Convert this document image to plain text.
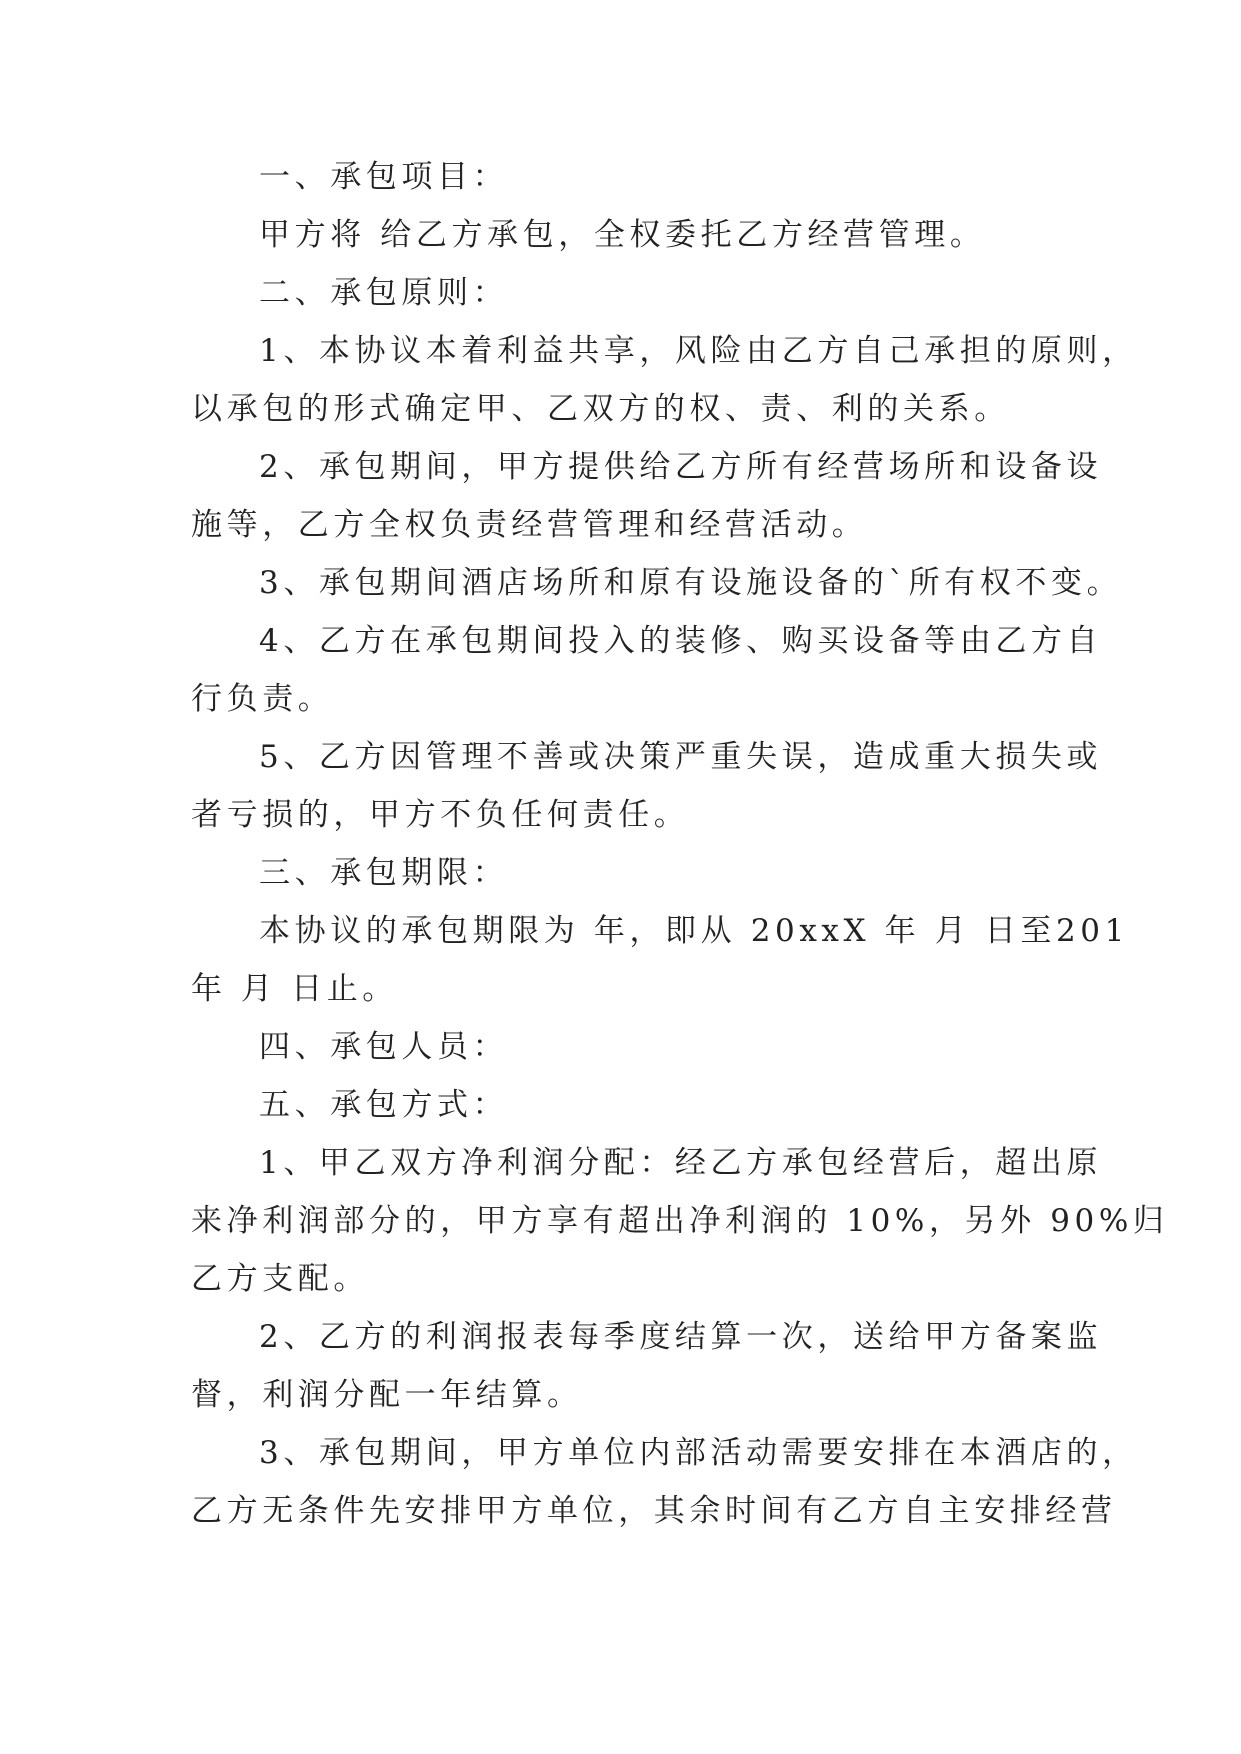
一、承包项目：
甲方将 给乙方承包，全权委托乙方经营管理。
二、承包原则：
1、本协议本着利益共享，风险由乙方自己承担的原则，
以承包的形式确定甲、乙双方的权、责、利的关系。
2、承包期间，甲方提供给乙方所有经营场所和设备设
施等，乙方全权负责经营管理和经营活动。
3、承包期间酒店场所和原有设施设备的`所有权不变。
4、乙方在承包期间投入的装修、购买设备等由乙方自
行负责。
5、乙方因管理不善或决策严重失误，造成重大损失或
者亏损的，甲方不负任何责任。
三、承包期限：
本协议的承包期限为 年，即从 20xxX 年 月 日至201
年 月 日止。
四、承包人员：
五、承包方式：
1、甲乙双方净利润分配：经乙方承包经营后，超出原
来净利润部分的，甲方享有超出净利润的 10%，另外 90%归
乙方支配。
2、乙方的利润报表每季度结算一次，送给甲方备案监
督，利润分配一年结算。
3、承包期间，甲方单位内部活动需要安排在本酒店的，
乙方无条件先安排甲方单位，其余时间有乙方自主安排经营
